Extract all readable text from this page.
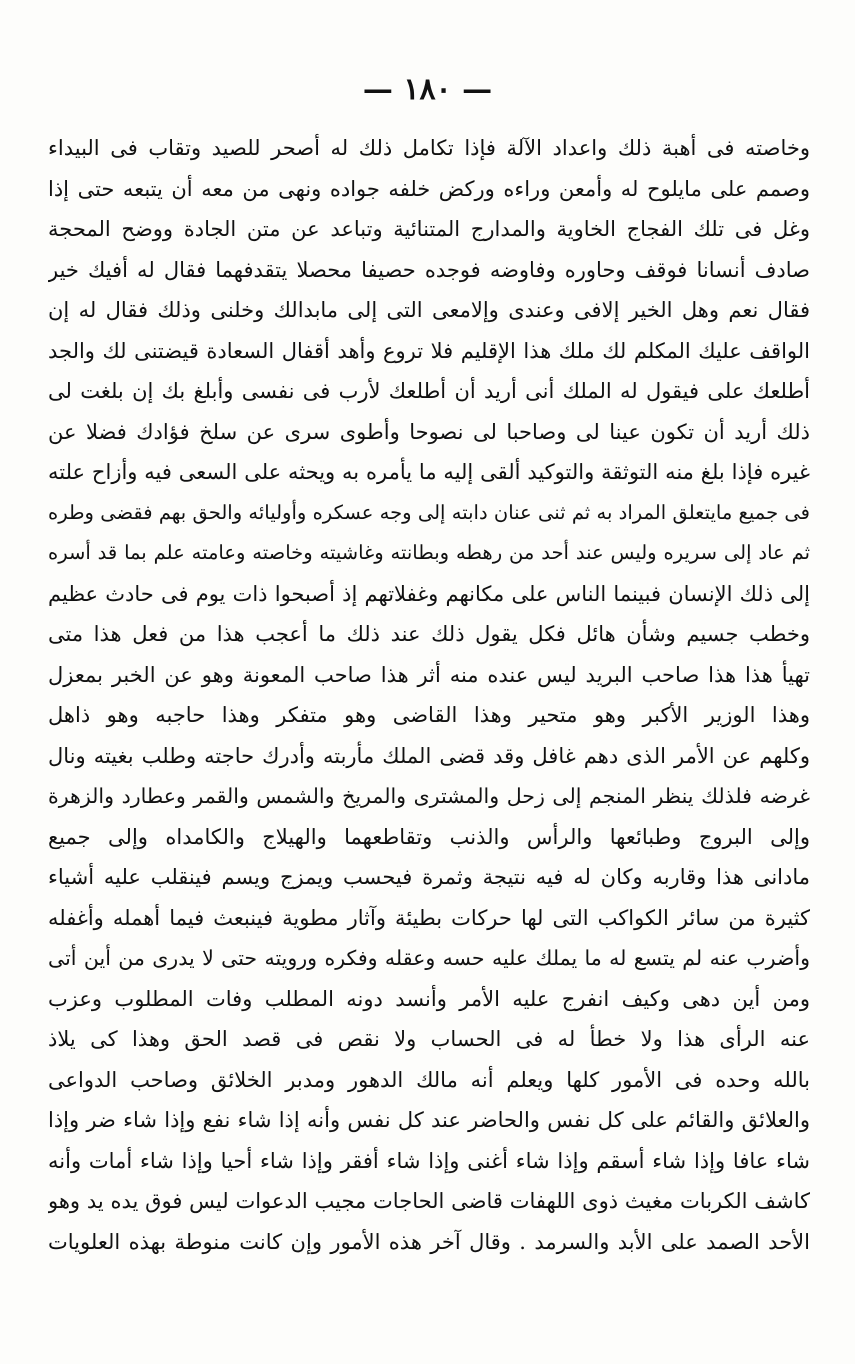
— ١٨٠ —
وخاصته فى أهبة ذلك واعداد الآلة فإذا تكامل ذلك له أصحر للصيد وتقاب فى البيداء
وصمم على مايلوح له وأمعن وراءه وركض خلفه جواده ونهى من معه أن يتبعه حتى إذا
وغل فى تلك الفجاج الخاوية والمدارج المتنائية وتباعد عن متن الجادة ووضح المحجة
صادف أنسانا فوقف وحاوره وفاوضه فوجده حصيفا محصلا يتقدفهما فقال له أفيك خير
فقال نعم وهل الخير إلافى وعندى وإلامعى التى إلى مابدالك وخلنى وذلك فقال له إن
الواقف عليك المكلم لك ملك هذا الإقليم فلا تروع وأهد أقفال السعادة قيضتنى لك والجد
أطلعك على فيقول له الملك أنى أريد أن أطلعك لأرب فى نفسى وأبلغ بك إن بلغت لى
ذلك أريد أن تكون عينا لى وصاحبا لى نصوحا وأطوى سرى عن سلخ فؤادك فضلا عن
غيره فإذا بلغ منه التوثقة والتوكيد ألقى إليه ما يأمره به ويحثه على السعى فيه وأزاح علته
فى جميع مايتعلق المراد به ثم ثنى عنان دابته إلى وجه عسكره وأوليائه والحق بهم فقضى وطره
ثم عاد إلى سريره وليس عند أحد من رهطه وبطانته وغاشيته وخاصته وعامته علم بما قد أسره
إلى ذلك الإنسان فبينما الناس على مكانهم وغفلاتهم إذ أصبحوا ذات يوم فى حادث عظيم
وخطب جسيم وشأن هائل فكل يقول ذلك عند ذلك ما أعجب هذا من فعل هذا متى
تهيأ هذا هذا صاحب البريد ليس عنده منه أثر هذا صاحب المعونة وهو عن الخبر بمعزل
وهذا الوزير الأكبر وهو متحير وهذا القاضى وهو متفكر وهذا حاجبه وهو ذاهل
وكلهم عن الأمر الذى دهم غافل وقد قضى الملك مأربته وأدرك حاجته وطلب بغيته ونال
غرضه فلذلك ينظر المنجم إلى زحل والمشترى والمريخ والشمس والقمر وعطارد والزهرة
وإلى البروج وطبائعها والرأس والذنب وتقاطعهما والهيلاج والكامداه وإلى جميع
مادانى هذا وقاربه وكان له فيه نتيجة وثمرة فيحسب ويمزج ويسم فينقلب عليه أشياء
كثيرة من سائر الكواكب التى لها حركات بطيئة وآثار مطوية فينبعث فيما أهمله وأغفله
وأضرب عنه لم يتسع له ما يملك عليه حسه وعقله وفكره ورويته حتى لا يدرى من أين أتى
ومن أين دهى وكيف انفرج عليه الأمر وأنسد دونه المطلب وفات المطلوب وعزب
عنه الرأى هذا ولا خطأ له فى الحساب ولا نقص فى قصد الحق وهذا كى يلاذ
بالله وحده فى الأمور كلها ويعلم أنه مالك الدهور ومدبر الخلائق وصاحب الدواعى
والعلائق والقائم على كل نفس والحاضر عند كل نفس وأنه إذا شاء نفع وإذا شاء ضر وإذا
شاء عافا وإذا شاء أسقم وإذا شاء أغنى وإذا شاء أفقر وإذا شاء أحيا وإذا شاء أمات وأنه
كاشف الكربات مغيث ذوى اللهفات قاضى الحاجات مجيب الدعوات ليس فوق يده يد وهو
الأحد الصمد على الأبد والسرمد . وقال آخر هذه الأمور وإن كانت منوطة بهذه العلويات
